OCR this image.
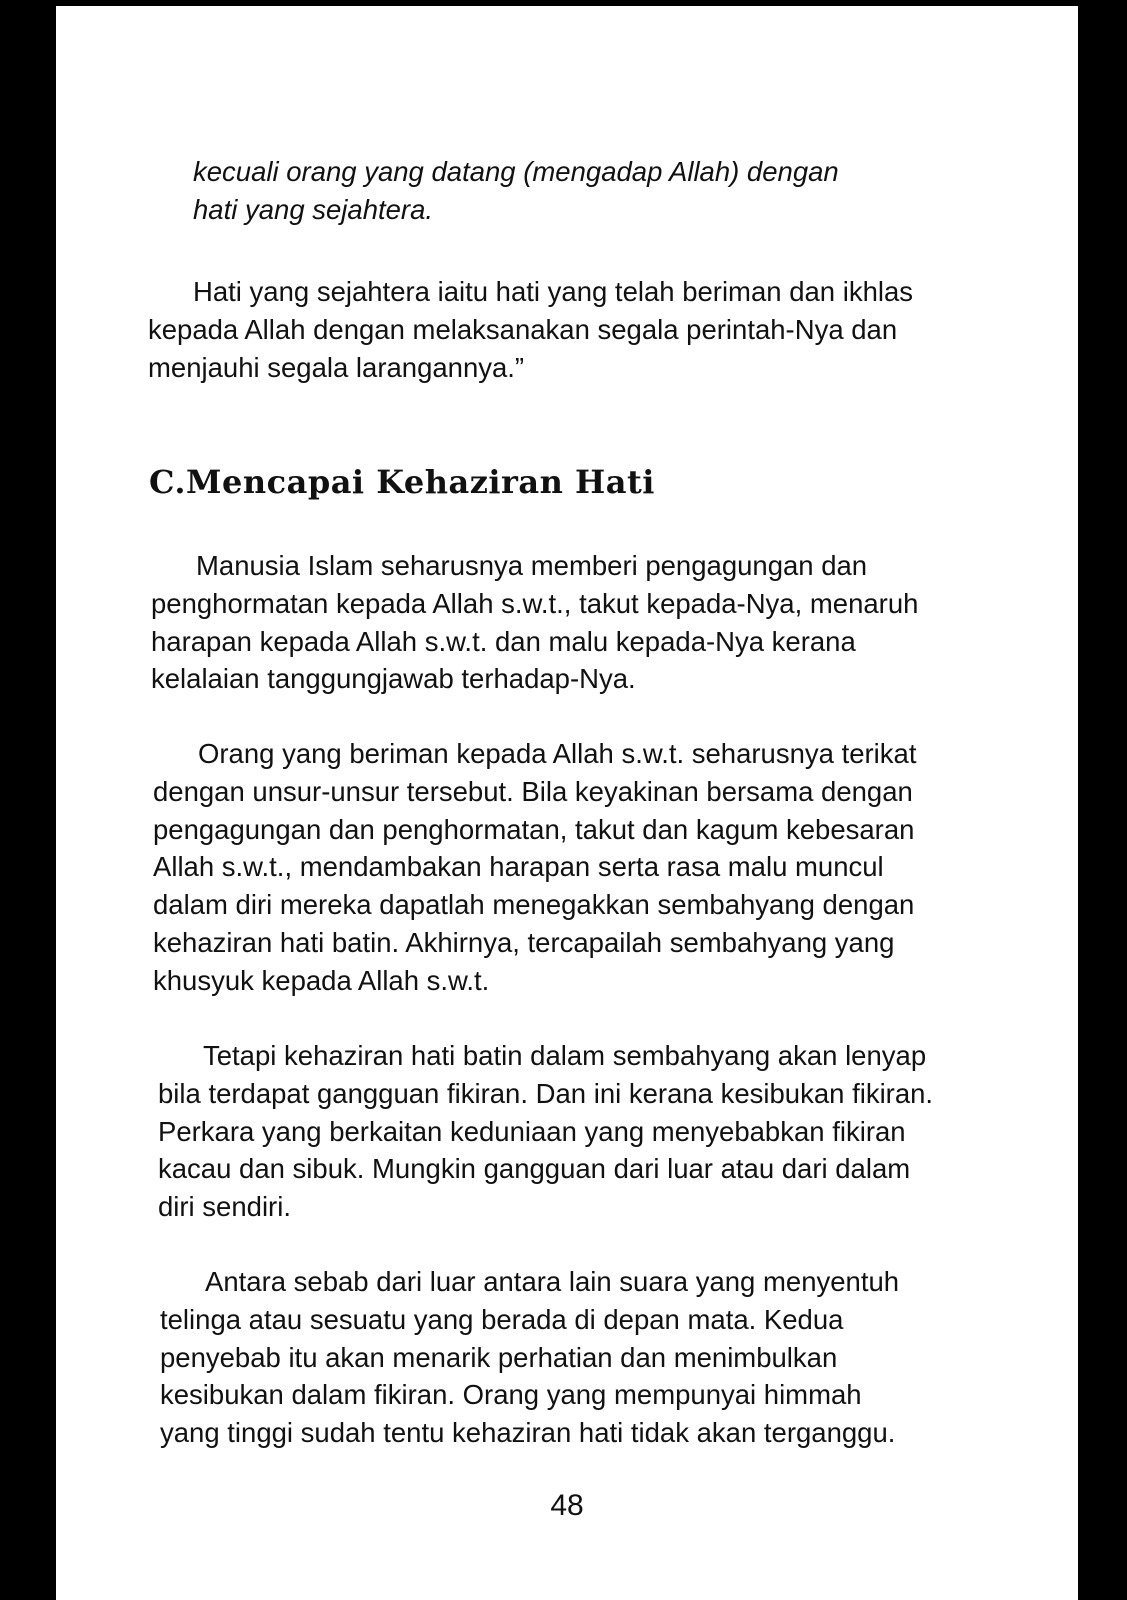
kecuali orang yang datang (mengadap Allah) dengan
hati yang sejahtera.

Hati yang sejahtera iaitu hati yang telah beriman dan ikhlas
kepada Allah dengan melaksanakan segala perintah-Nya dan
menjauhi segala larangannya.”

C.Mencapai Kehaziran Hati

Manusia Islam seharusnya memberi pengagungan dan
penghormatan kepada Allah s.w.t., takut kepada-Nya, menaruh
harapan kepada Allah s.w.t. dan malu kepada-Nya kerana
kelalaian tanggungjawab terhadap-Nya.

Orang yang beriman kepada Allah s.w.t. seharusnya terikat
dengan unsur-unsur tersebut. Bila keyakinan bersama dengan
pengagungan dan penghormatan, takut dan kagum kebesaran
Allah s.w.t., mendambakan harapan serta rasa malu muncul
dalam diri mereka dapatlah menegakkan sembahyang dengan
kehaziran hati batin. Akhirnya, tercapailah sembahyang yang
khusyuk kepada Allah s.w.t.

Tetapi kehaziran hati batin dalam sembahyang akan lenyap
bila terdapat gangguan fikiran. Dan ini kerana kesibukan fikiran.
Perkara yang berkaitan keduniaan yang menyebabkan fikiran
kacau dan sibuk. Mungkin gangguan dari luar atau dari dalam
diri sendiri.

Antara sebab dari luar antara lain suara yang menyentuh
telinga atau sesuatu yang berada di depan mata. Kedua
penyebab itu akan menarik perhatian dan menimbulkan
kesibukan dalam fikiran. Orang yang mempunyai himmah
yang tinggi sudah tentu kehaziran hati tidak akan terganggu.

48
